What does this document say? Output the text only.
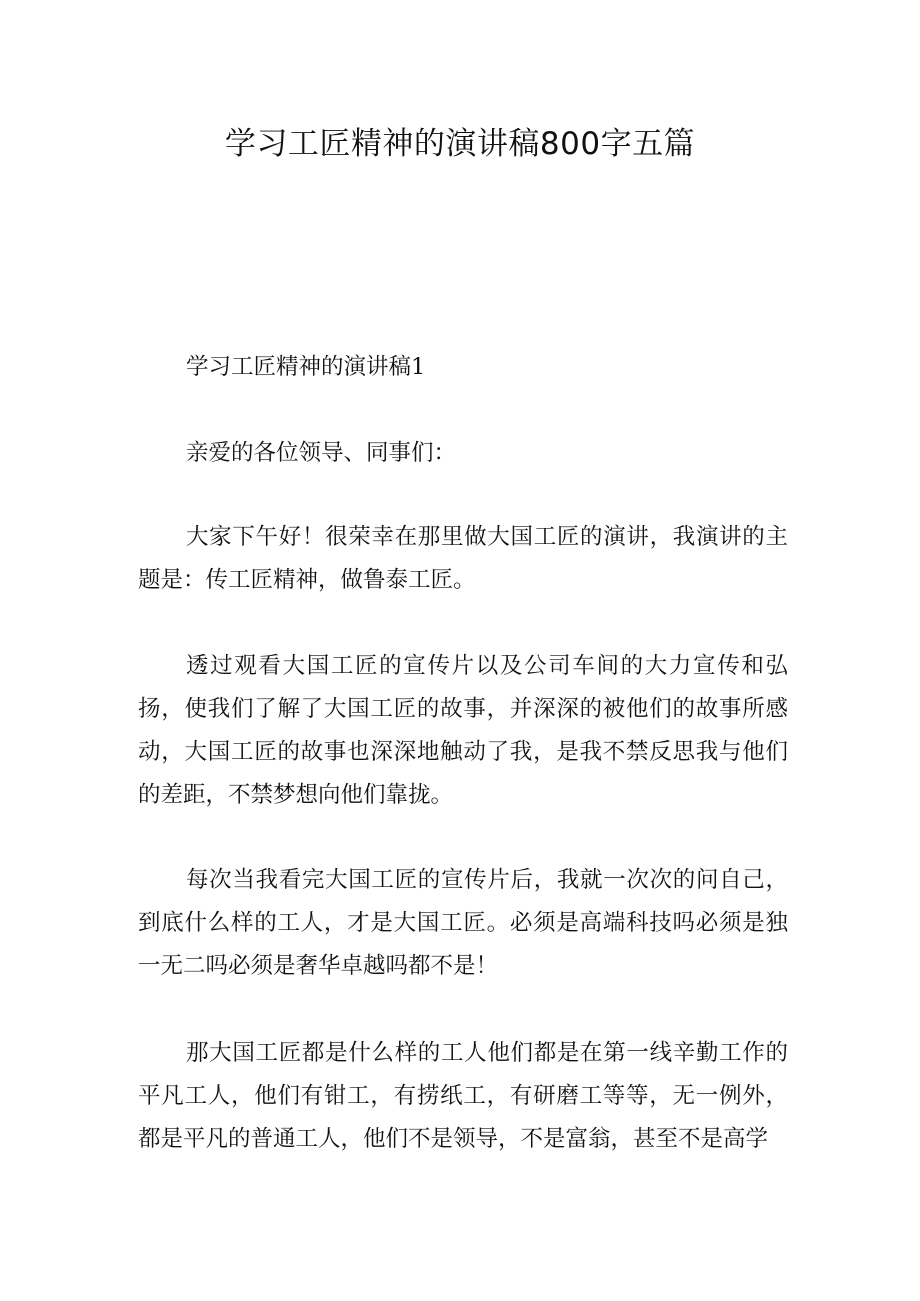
学习工匠精神的演讲稿800字五篇

学习工匠精神的演讲稿1

亲爱的各位领导、同事们：

大家下午好！很荣幸在那里做大国工匠的演讲，我演讲的主题是：传工匠精神，做鲁泰工匠。

透过观看大国工匠的宣传片以及公司车间的大力宣传和弘扬，使我们了解了大国工匠的故事，并深深的被他们的故事所感动，大国工匠的故事也深深地触动了我，是我不禁反思我与他们的差距，不禁梦想向他们靠拢。

每次当我看完大国工匠的宣传片后，我就一次次的问自己，到底什么样的工人，才是大国工匠。必须是高端科技吗必须是独一无二吗必须是奢华卓越吗都不是！

那大国工匠都是什么样的工人他们都是在第一线辛勤工作的平凡工人，他们有钳工，有捞纸工，有研磨工等等，无一例外，都是平凡的普通工人，他们不是领导，不是富翁，甚至不是高学
